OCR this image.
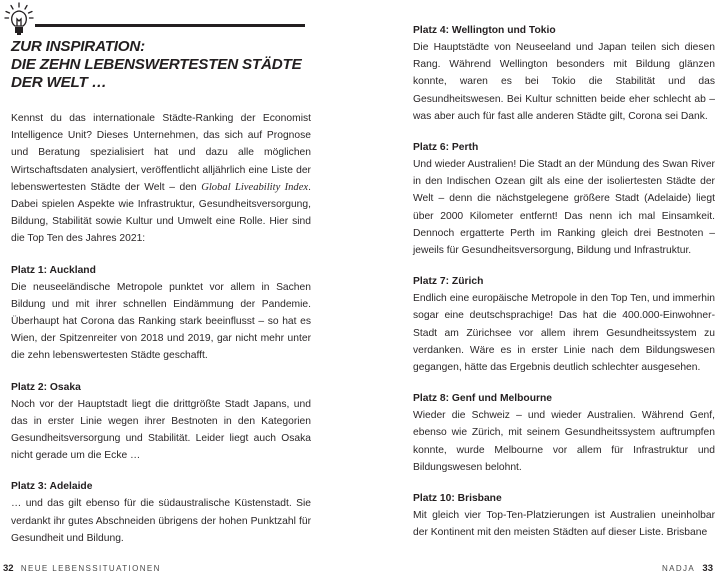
ZUR INSPIRATION:
DIE ZEHN LEBENSWERTESTEN STÄDTE
DER WELT …

Kennst du das internationale Städte-Ranking der Economist Intelligence Unit? Dieses Unternehmen, das sich auf Prognose und Beratung spezialisiert hat und dazu alle möglichen Wirtschaftsdaten analysiert, veröffentlicht alljährlich eine Liste der lebenswertesten Städte der Welt – den Global Liveability Index. Dabei spielen Aspekte wie Infrastruktur, Gesundheitsversorgung, Bildung, Stabilität sowie Kultur und Umwelt eine Rolle. Hier sind die Top Ten des Jahres 2021:

Platz 1: Auckland

Die neuseeländische Metropole punktet vor allem in Sachen Bildung und mit ihrer schnellen Eindämmung der Pandemie. Überhaupt hat Corona das Ranking stark beeinflusst – so hat es Wien, der Spitzenreiter von 2018 und 2019, gar nicht mehr unter die zehn lebenswertesten Städte geschafft.

Platz 2: Osaka

Noch vor der Hauptstadt liegt die drittgrößte Stadt Japans, und das in erster Linie wegen ihrer Bestnoten in den Kategorien Gesundheitsversorgung und Stabilität. Leider liegt auch Osaka nicht gerade um die Ecke …

Platz 3: Adelaide

… und das gilt ebenso für die südaustralische Küstenstadt. Sie verdankt ihr gutes Abschneiden übrigens der hohen Punktzahl für Gesundheit und Bildung.

32 NEUE LEBENSSITUATIONEN

Platz 4: Wellington und Tokio

Die Hauptstädte von Neuseeland und Japan teilen sich diesen Rang. Während Wellington besonders mit Bildung glänzen konnte, waren es bei Tokio die Stabilität und das Gesundheitswesen. Bei Kultur schnitten beide eher schlecht ab – was aber auch für fast alle anderen Städte gilt, Corona sei Dank.

Platz 6: Perth

Und wieder Australien! Die Stadt an der Mündung des Swan River in den Indischen Ozean gilt als eine der isoliertesten Städte der Welt – denn die nächstgelegene größere Stadt (Adelaide) liegt über 2000 Kilometer entfernt! Das nenn ich mal Einsamkeit. Dennoch ergatterte Perth im Ranking gleich drei Bestnoten – jeweils für Gesundheitsversorgung, Bildung und Infrastruktur.

Platz 7: Zürich

Endlich eine europäische Metropole in den Top Ten, und immerhin sogar eine deutschsprachige! Das hat die 400.000-Einwohner-Stadt am Zürichsee vor allem ihrem Gesundheitssystem zu verdanken. Wäre es in erster Linie nach dem Bildungswesen gegangen, hätte das Ergebnis deutlich schlechter ausgesehen.

Platz 8: Genf und Melbourne

Wieder die Schweiz – und wieder Australien. Während Genf, ebenso wie Zürich, mit seinem Gesundheitssystem auftrumpfen konnte, wurde Melbourne vor allem für Infrastruktur und Bildungswesen belohnt.

Platz 10: Brisbane

Mit gleich vier Top-Ten-Platzierungen ist Australien uneinholbar der Kontinent mit den meisten Städten auf dieser Liste. Brisbane

NADJA 33
